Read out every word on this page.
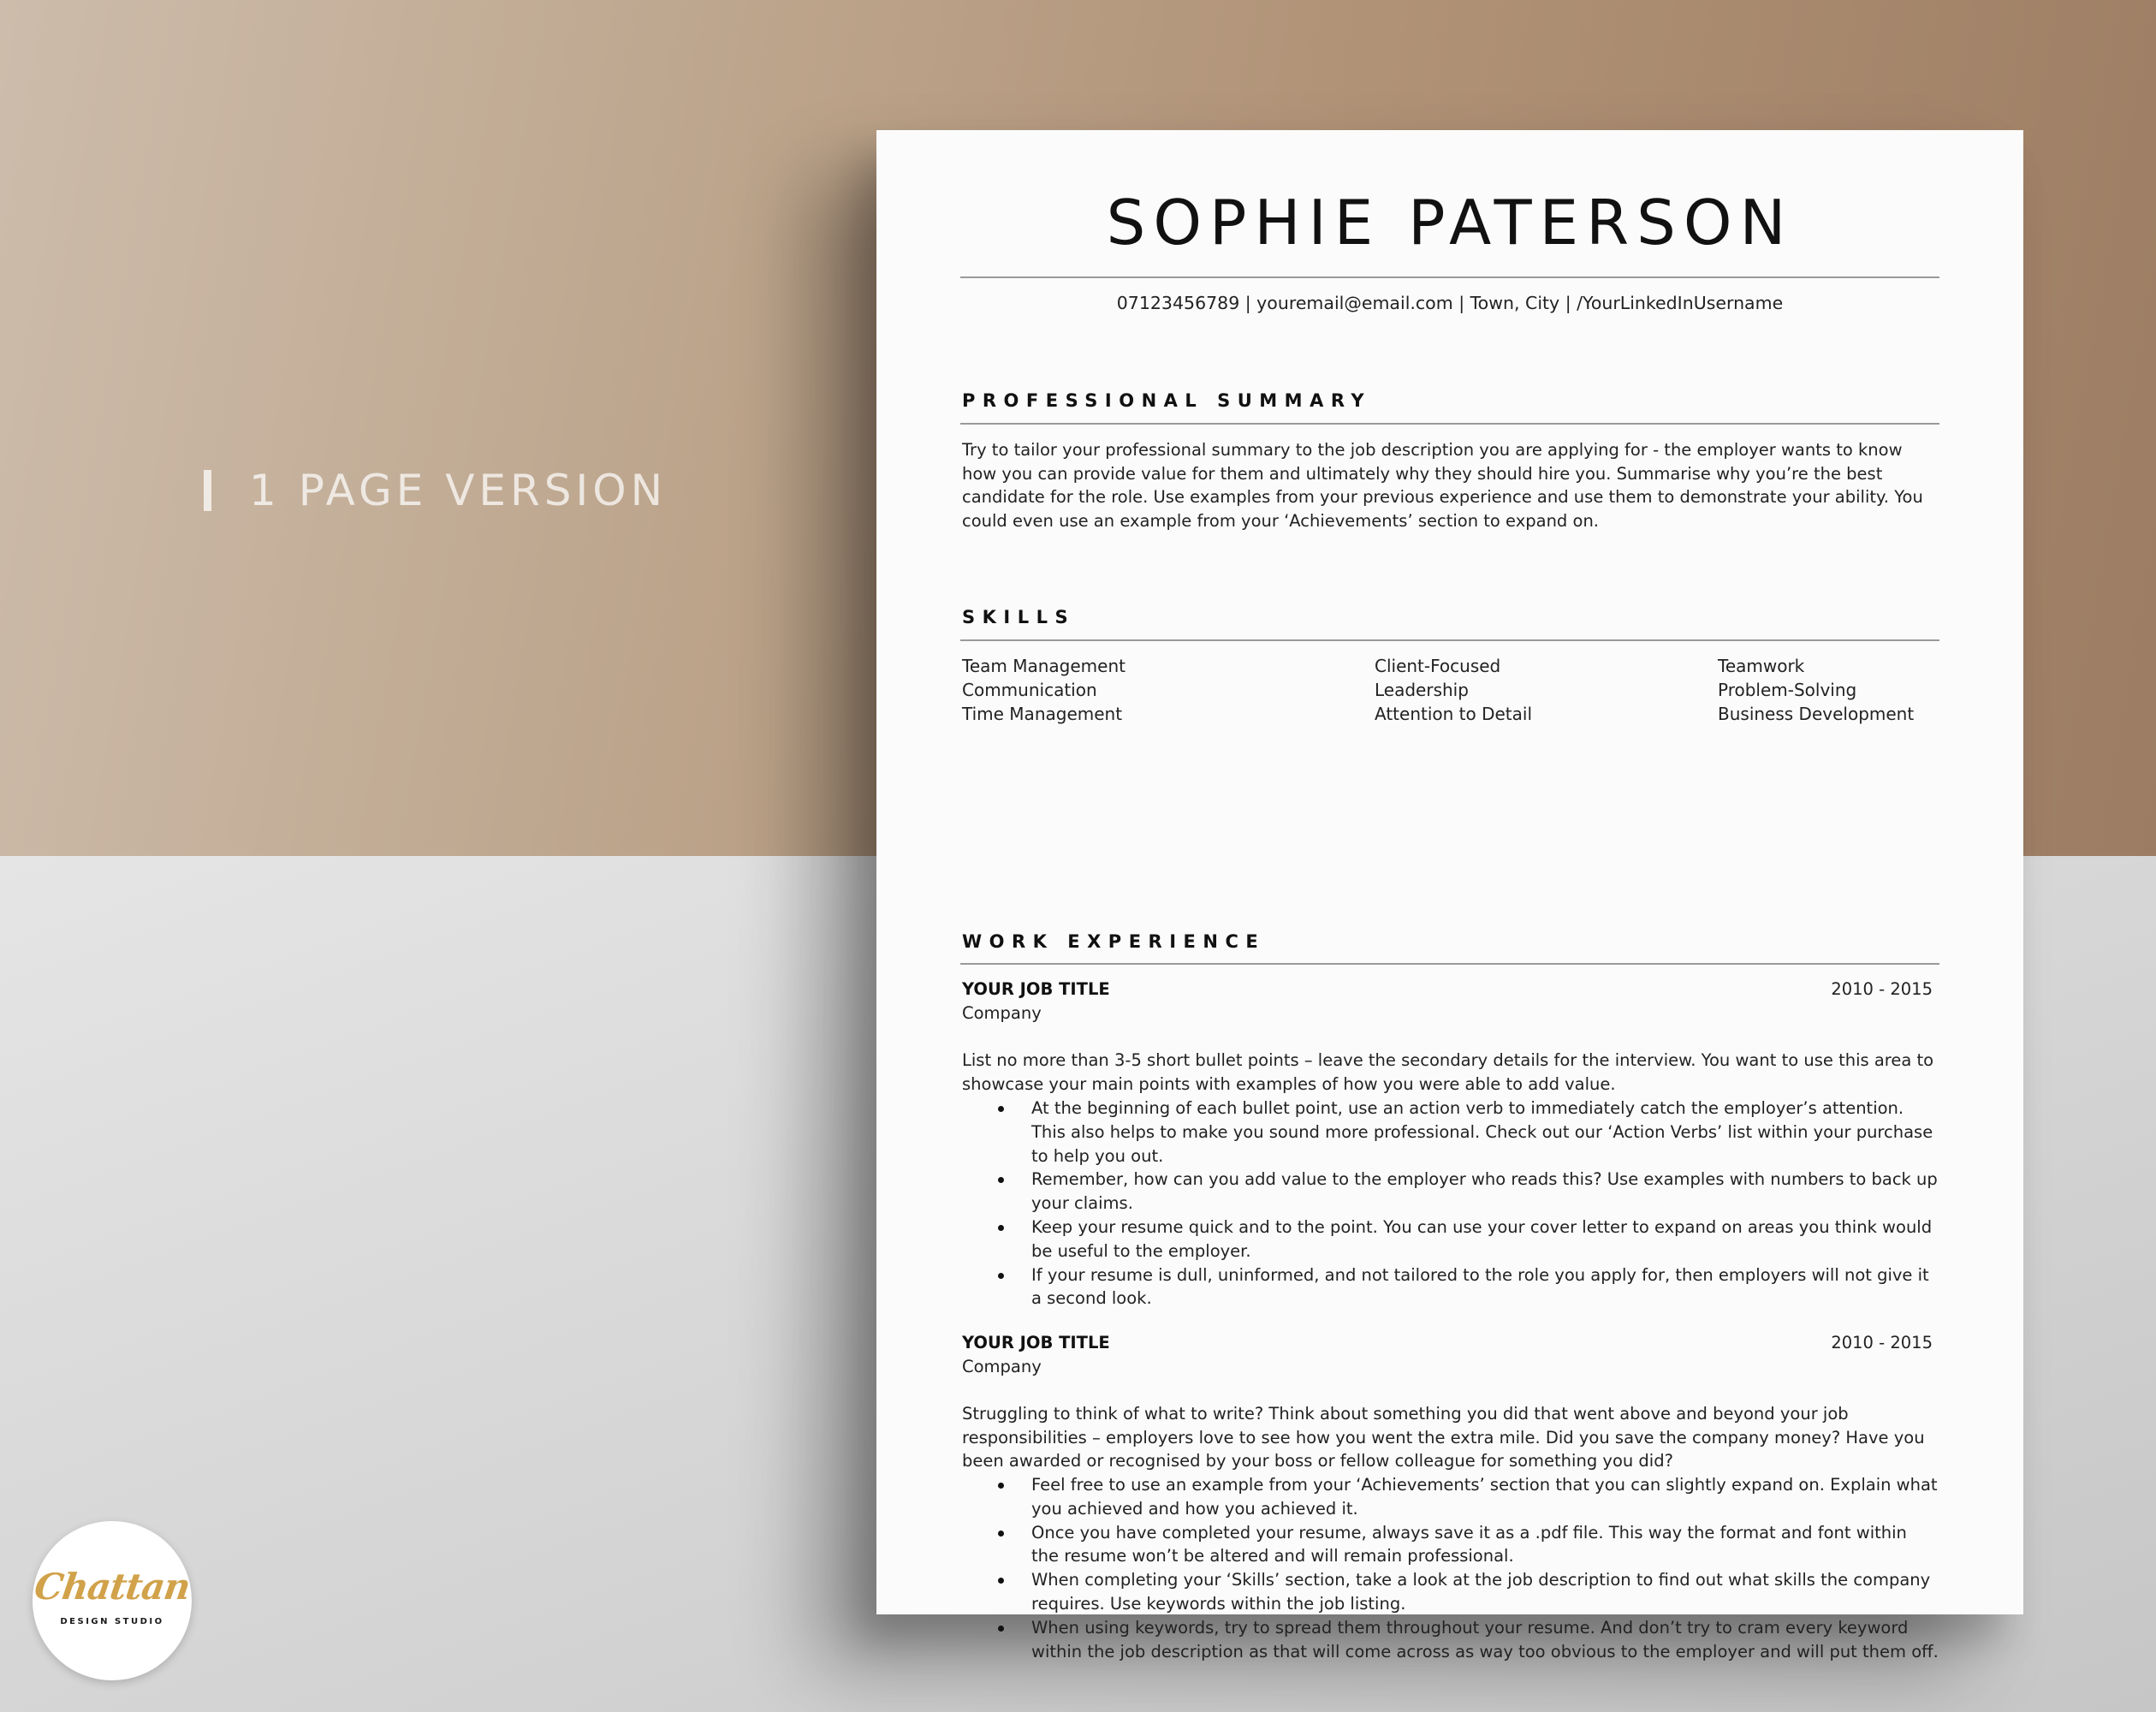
1 PAGE VERSION
SOPHIE PATERSON
07123456789 | youremail@email.com | Town, City | /YourLinkedInUsername
PROFESSIONAL SUMMARY

Try to tailor your professional summary to the job description you are applying for - the employer wants to know how you can provide value for them and ultimately why they should hire you. Summarise why you’re the best candidate for the role. Use examples from your previous experience and use them to demonstrate your ability. You could even use an example from your ‘Achievements’ section to expand on.

SKILLS
Team Management
Communication
Time Management
Client-Focused
Leadership
Attention to Detail
Teamwork
Problem-Solving
Business Development
WORK EXPERIENCE
YOUR JOB TITLE	2010 - 2015
Company

List no more than 3-5 short bullet points – leave the secondary details for the interview. You want to use this area to showcase your main points with examples of how you were able to add value.

At the beginning of each bullet point, use an action verb to immediately catch the employer’s attention. This also helps to make you sound more professional. Check out our ‘Action Verbs’ list within your purchase to help you out.
Remember, how can you add value to the employer who reads this? Use examples with numbers to back up your claims.
Keep your resume quick and to the point. You can use your cover letter to expand on areas you think would be useful to the employer.
If your resume is dull, uninformed, and not tailored to the role you apply for, then employers will not give it a second look.
YOUR JOB TITLE	2010 - 2015
Company

Struggling to think of what to write? Think about something you did that went above and beyond your job responsibilities – employers love to see how you went the extra mile. Did you save the company money? Have you been awarded or recognised by your boss or fellow colleague for something you did?

Feel free to use an example from your ‘Achievements’ section that you can slightly expand on. Explain what you achieved and how you achieved it.
Once you have completed your resume, always save it as a .pdf file. This way the format and font within the resume won’t be altered and will remain professional.
When completing your ‘Skills’ section, take a look at the job description to find out what skills the company requires. Use keywords within the job listing.
When using keywords, try to spread them throughout your resume. And don’t try to cram every keyword within the job description as that will come across as way too obvious to the employer and will put them off.
Chattan
DESIGN STUDIO
